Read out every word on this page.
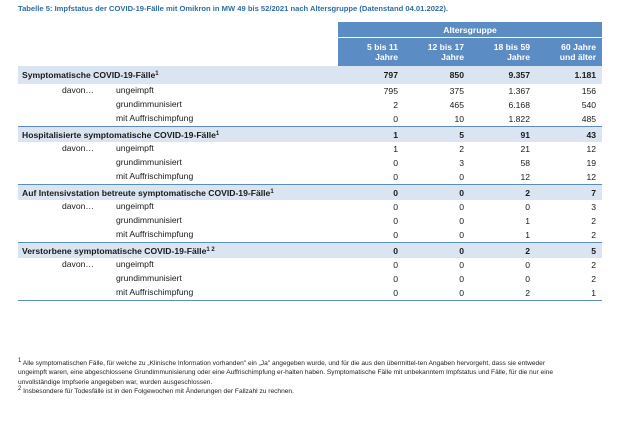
Tabelle 5: Impfstatus der COVID-19-Fälle mit Omikron in MW 49 bis 52/2021 nach Altersgruppe (Datenstand 04.01.2022).
	Altersgruppe			
	5 bis 11
Jahre	12 bis 17
Jahre	18 bis 59
Jahre	60 Jahre
und älter
Symptomatische COVID-19-Fälle$^1$	797	850	9.357	1.181

davon… ungeimpft	795	375	1.367	156

grundimmunisiert	2	465	6.168	540

mit Auffrischimpfung	0	10	1.822	485
Hospitalisierte symptomatische COVID-19-Fälle$^1$	1	5	91	43

davon… ungeimpft	1	2	21	12

grundimmunisiert	0	3	58	19

mit Auffrischimpfung	0	0	12	12
Auf Intensivstation betreute symptomatische COVID-19-Fälle$^1$	0	0	2	7

davon… ungeimpft	0	0	0	3

grundimmunisiert	0	0	1	2

mit Auffrischimpfung	0	0	1	2
Verstorbene symptomatische COVID-19-Fälle$^{1 2}$	0	0	2	5

davon… ungeimpft	0	0	0	2

grundimmunisiert	0	0	0	2

mit Auffrischimpfung	0	0	2	1

$^1$ Alle symptomatischen Fälle, für welche zu „Klinische Information vorhanden" ein „Ja" angegeben wurde, und für die aus den übermittel-ten Angaben hervorgeht, dass sie entweder ungeimpft waren, eine abgeschlossene Grundimmunisierung oder eine Auffrischimpfung er-halten haben. Symptomatische Fälle mit unbekanntem Impfstatus und Fälle, für die nur eine unvollständige Impfserie angegeben war, wurden ausgeschlossen.

$^2$ Insbesondere für Todesfälle ist in den Folgewochen mit Änderungen der Fallzahl zu rechnen.
